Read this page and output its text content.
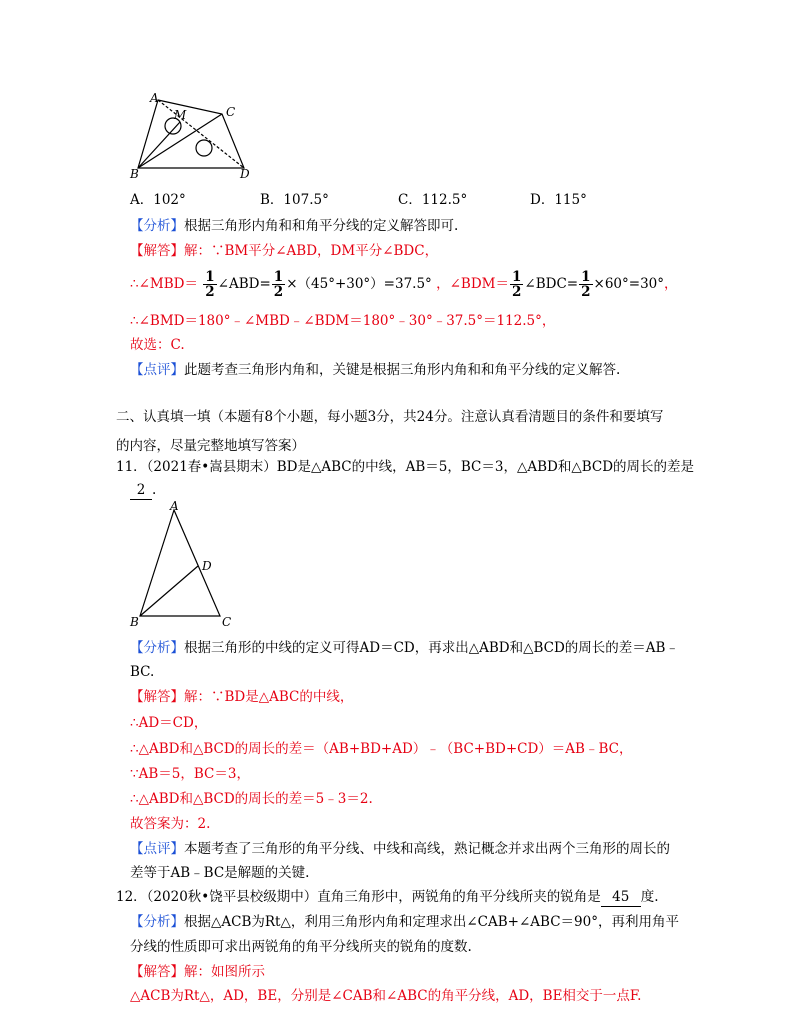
A
C
M
B	D
A．102°	B．107.5°	C．112.5°	D．115°
【分析】根据三角形内角和和角平分线的定义解答即可.
【解答】解：∵BM平分∠ABD，DM平分∠BDC，
∴∠MBD＝ $\frac{1}{2}$ ∠ABD= $\frac{1}{2} \times(45^\circ+30^\circ)=37.5^\circ$ ，∠BDM＝ $\frac{1}{2}$ ∠BDC= $\frac{1}{2} \times 60^\circ=30^\circ$，
∴∠BMD＝180°﹣∠MBD﹣∠BDM＝180°﹣30°﹣37.5°＝112.5°，
故选：C.
【点评】此题考查三角形内角和，关键是根据三角形内角和和角平分线的定义解答.
二、认真填一填（本题有8个小题，每小题3分，共24分。注意认真看清题目的条件和要填写
的内容，尽量完整地填写答案）
11．（2021春•嵩县期末）BD是△ABC的中线，AB＝5，BC＝3，△ABD和△BCD的周长的差是
2 .
A
D
B	C
【分析】根据三角形的中线的定义可得AD＝CD，再求出△ABD和△BCD的周长的差＝AB﹣
BC.
【解答】解：∵BD是△ABC的中线，
∴AD＝CD，
∴△ABD和△BCD的周长的差＝（AB+BD+AD）﹣（BC+BD+CD）＝AB﹣BC，
∵AB＝5，BC＝3，
∴△ABD和△BCD的周长的差＝5﹣3＝2.
故答案为：2.
【点评】本题考查了三角形的角平分线、中线和高线，熟记概念并求出两个三角形的周长的
差等于AB﹣BC是解题的关键.
12．（2020秋•饶平县校级期中）直角三角形中，两锐角的角平分线所夹的锐角是 45 度.
【分析】根据△ACB为Rt△，利用三角形内角和定理求出∠CAB+∠ABC＝90°，再利用角平
分线的性质即可求出两锐角的角平分线所夹的锐角的度数.
【解答】解：如图所示
△ACB为Rt△，AD，BE，分别是∠CAB和∠ABC的角平分线，AD，BE相交于一点F.
